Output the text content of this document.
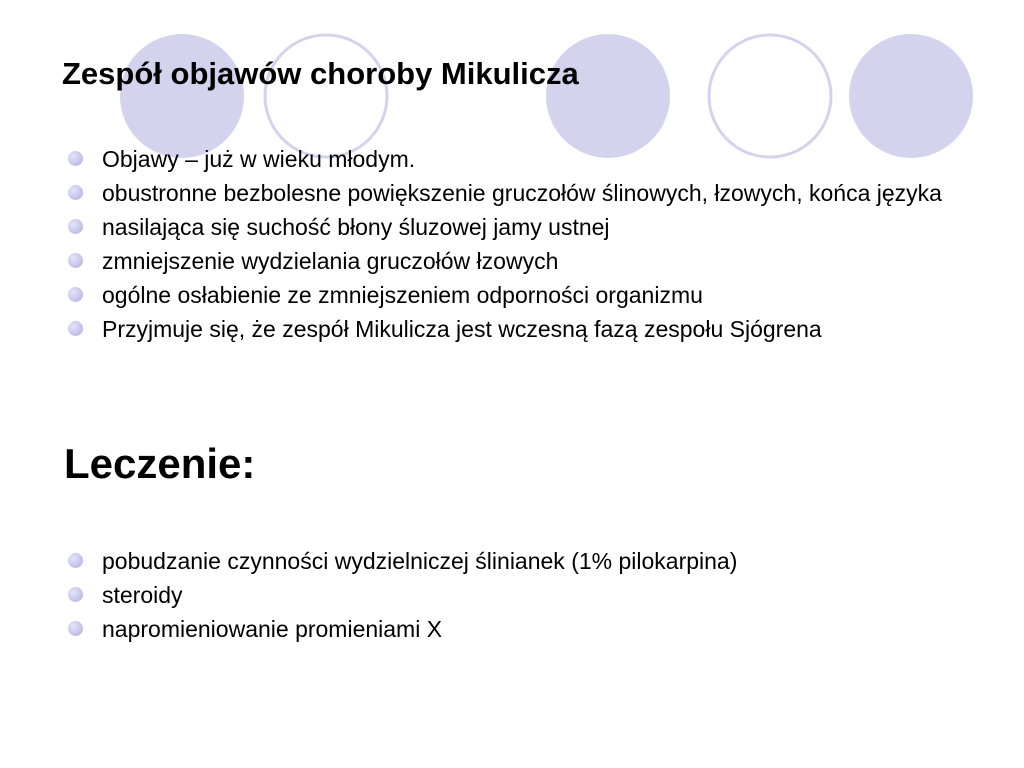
Zespół objawów choroby Mikulicza
Objawy – już w wieku młodym.
obustronne bezbolesne powiększenie gruczołów ślinowych, łzowych, końca języka
nasilająca się suchość błony śluzowej jamy ustnej
zmniejszenie wydzielania gruczołów łzowych
ogólne osłabienie ze zmniejszeniem odporności organizmu
Przyjmuje się, że zespół Mikulicza jest wczesną fazą zespołu Sjógrena
Leczenie:
pobudzanie czynności wydzielniczej ślinianek (1% pilokarpina)
steroidy
napromieniowanie promieniami X
